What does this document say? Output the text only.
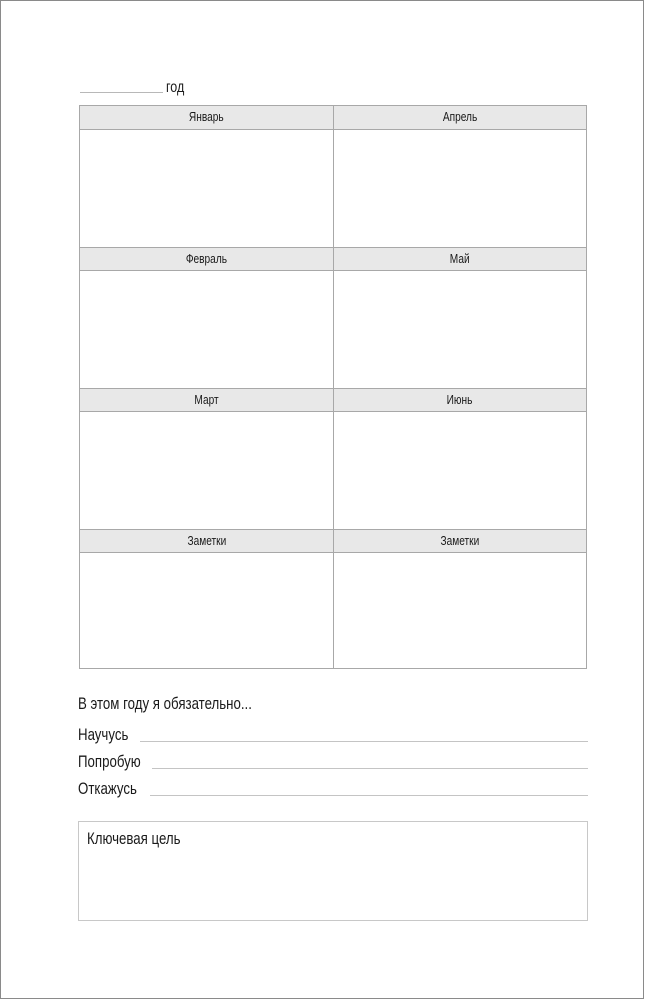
год
Январь	Апрель
Февраль	Май
Март	Июнь
Заметки	Заметки
В этом году я обязательно...
Научусь
Попробую
Откажусь
Ключевая цель
